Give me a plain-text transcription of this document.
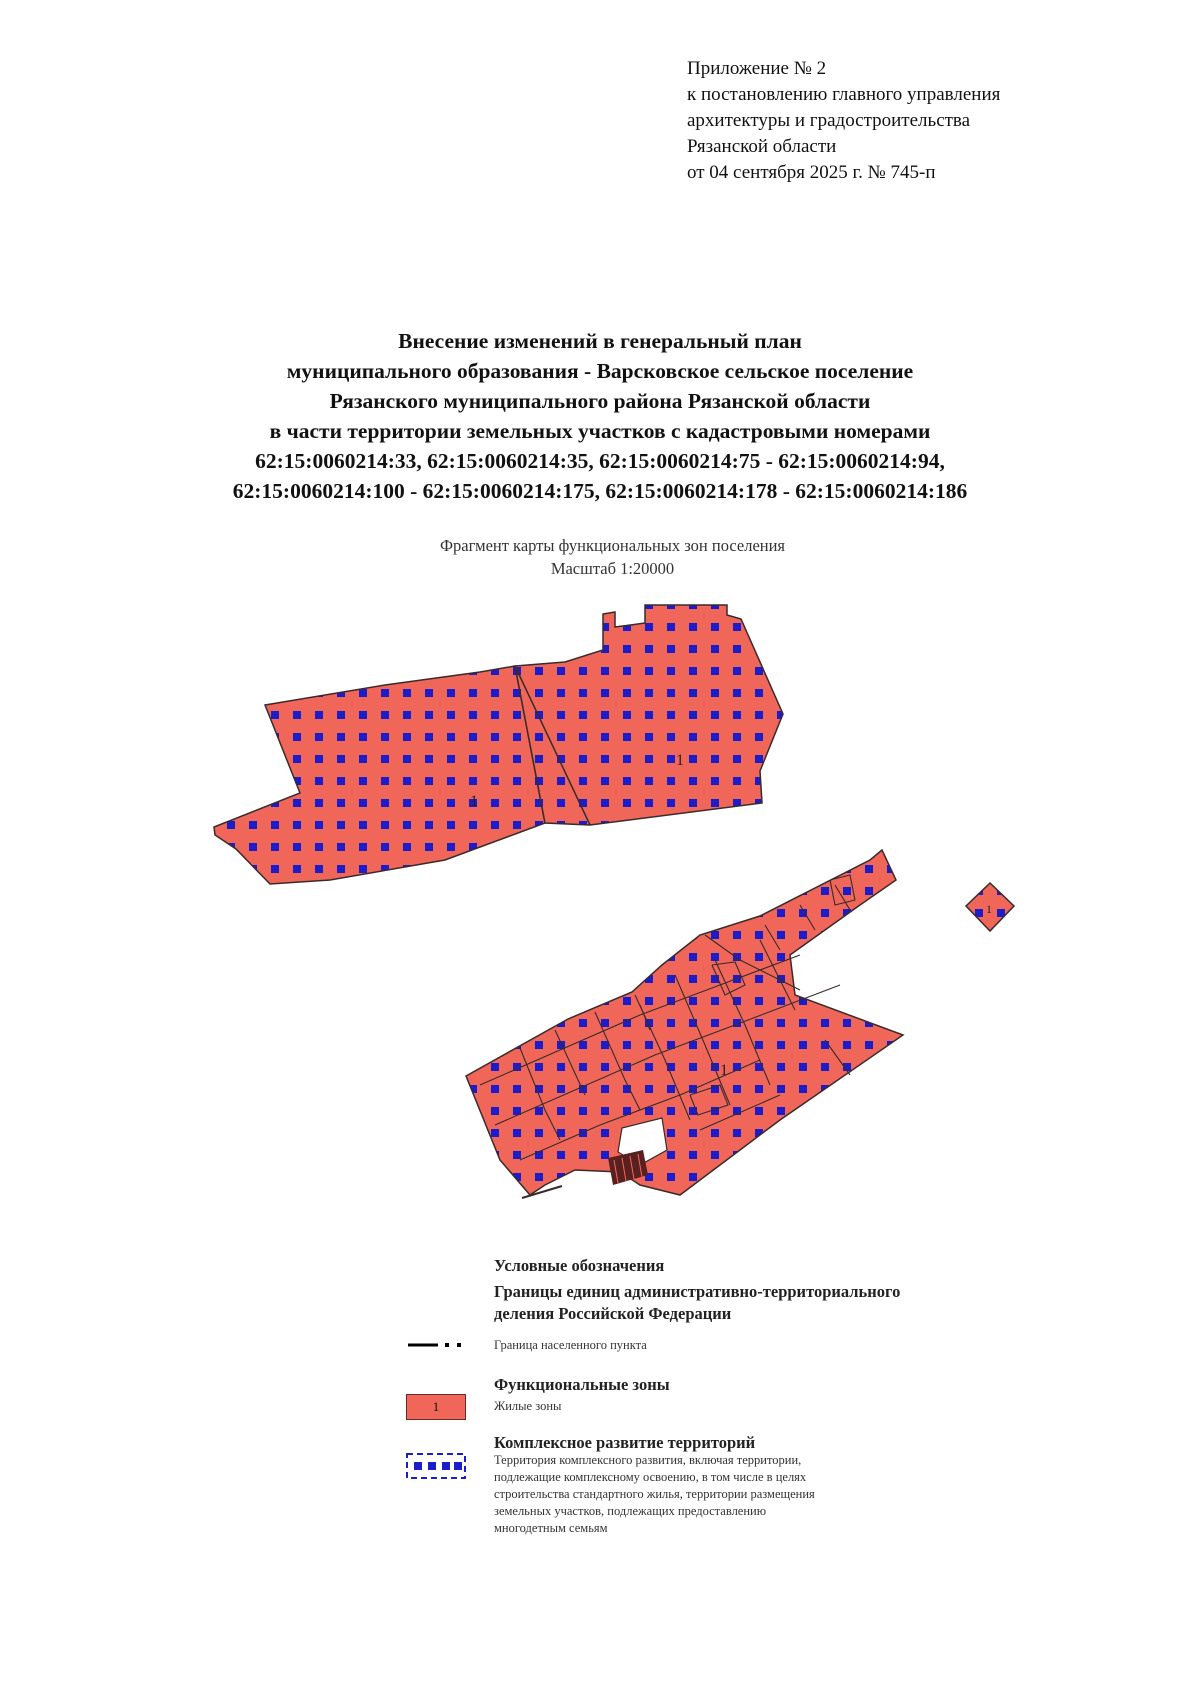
Приложение № 2
к постановлению главного управления
архитектуры и градостроительства
Рязанской области
от 04 сентября 2025 г. № 745-п
Внесение изменений в генеральный план
муниципального образования - Варсковское сельское поселение
Рязанского муниципального района Рязанской области
в части территории земельных участков с кадастровыми номерами
62:15:0060214:33, 62:15:0060214:35, 62:15:0060214:75 - 62:15:0060214:94,
62:15:0060214:100 - 62:15:0060214:175, 62:15:0060214:178 - 62:15:0060214:186
Фрагмент карты функциональных зон поселения
Масштаб 1:20000
1
1
1
1
Условные обозначения
Границы единиц административно-территориального
деления Российской Федерации
Граница населенного пункта
Функциональные зоны
1	Жилые зоны
Комплексное развитие территорий
Территория комплексного развития, включая территории,
подлежащие комплексному освоению, в том числе в целях
строительства стандартного жилья, территории размещения
земельных участков, подлежащих предоставлению
многодетным семьям
